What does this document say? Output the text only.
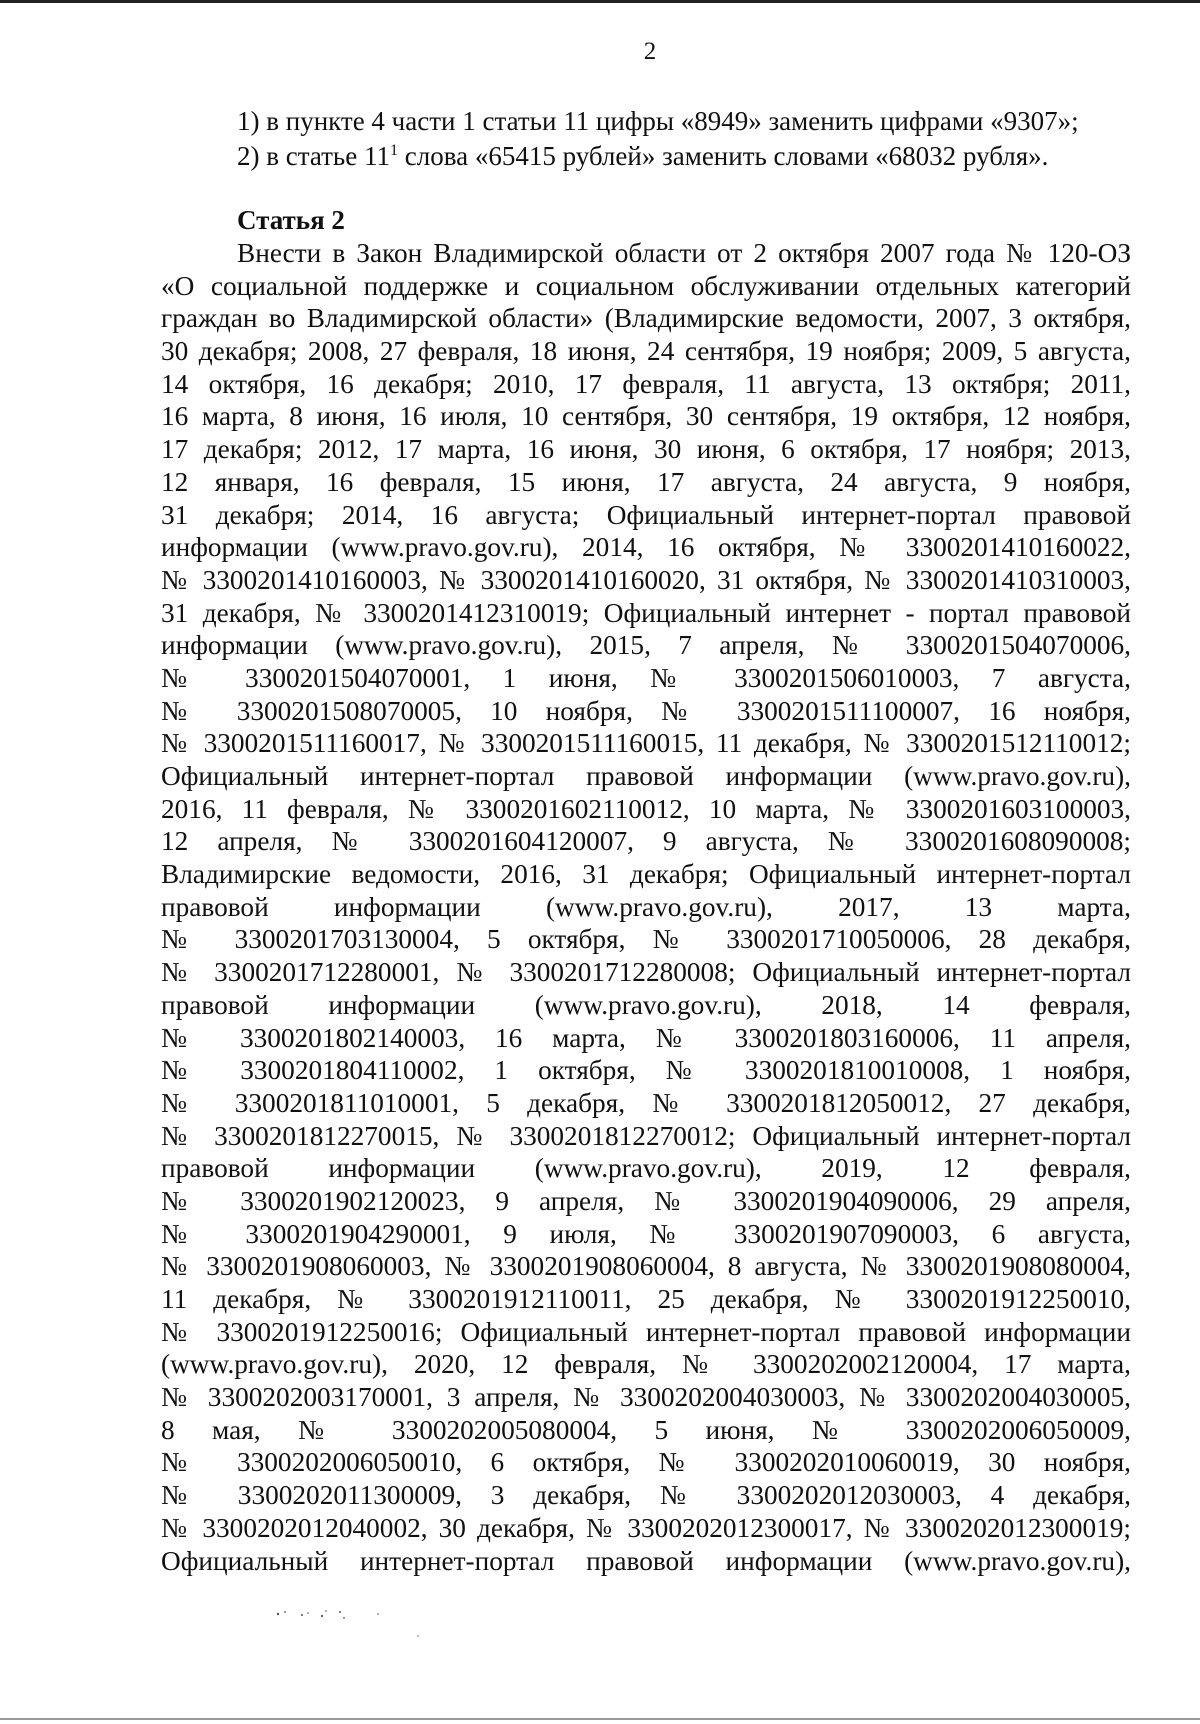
2
1) в пункте 4 части 1 статьи 11 цифры «8949» заменить цифрами «9307»;
2) в статье $11^1$ слова «65415 рублей» заменить словами «68032 рубля».
Статья 2
Внести в Закон Владимирской области от 2 октября 2007 года № 120-ОЗ
«О социальной поддержке и социальном обслуживании отдельных категорий
граждан во Владимирской области» (Владимирские ведомости, 2007, 3 октября,
30 декабря; 2008, 27 февраля, 18 июня, 24 сентября, 19 ноября; 2009, 5 августа,
14 октября, 16 декабря; 2010, 17 февраля, 11 августа, 13 октября; 2011,
16 марта, 8 июня, 16 июля, 10 сентября, 30 сентября, 19 октября, 12 ноября,
17 декабря; 2012, 17 марта, 16 июня, 30 июня, 6 октября, 17 ноября; 2013,
12 января, 16 февраля, 15 июня, 17 августа, 24 августа, 9 ноября,
31 декабря; 2014, 16 августа; Официальный интернет-портал правовой
информации (www.pravo.gov.ru), 2014, 16 октября, № 3300201410160022,
№ 3300201410160003, № 3300201410160020, 31 октября, № 3300201410310003,
31 декабря, № 3300201412310019; Официальный интернет - портал правовой
информации (www.pravo.gov.ru), 2015, 7 апреля, № 3300201504070006,
№ 3300201504070001, 1 июня, № 3300201506010003, 7 августа,
№ 3300201508070005, 10 ноября, № 3300201511100007, 16 ноября,
№ 3300201511160017, № 3300201511160015, 11 декабря, № 3300201512110012;
Официальный интернет-портал правовой информации (www.pravo.gov.ru),
2016, 11 февраля, № 3300201602110012, 10 марта, № 3300201603100003,
12 апреля, № 3300201604120007, 9 августа, № 3300201608090008;
Владимирские ведомости, 2016, 31 декабря; Официальный интернет-портал
правовой информации (www.pravo.gov.ru), 2017, 13 марта,
№ 3300201703130004, 5 октября, № 3300201710050006, 28 декабря,
№ 3300201712280001, № 3300201712280008; Официальный интернет-портал
правовой информации (www.pravo.gov.ru), 2018, 14 февраля,
№ 3300201802140003, 16 марта, № 3300201803160006, 11 апреля,
№ 3300201804110002, 1 октября, № 3300201810010008, 1 ноября,
№ 3300201811010001, 5 декабря, № 3300201812050012, 27 декабря,
№ 3300201812270015, № 3300201812270012; Официальный интернет-портал
правовой информации (www.pravo.gov.ru), 2019, 12 февраля,
№ 3300201902120023, 9 апреля, № 3300201904090006, 29 апреля,
№ 3300201904290001, 9 июля, № 3300201907090003, 6 августа,
№ 3300201908060003, № 3300201908060004, 8 августа, № 3300201908080004,
11 декабря, № 3300201912110011, 25 декабря, № 3300201912250010,
№ 3300201912250016; Официальный интернет-портал правовой информации
(www.pravo.gov.ru), 2020, 12 февраля, № 3300202002120004, 17 марта,
№ 3300202003170001, 3 апреля, № 3300202004030003, № 3300202004030005,
8 мая, № 3300202005080004, 5 июня, № 3300202006050009,
№ 3300202006050010, 6 октября, № 3300202010060019, 30 ноября,
№ 3300202011300009, 3 декабря, № 3300202012030003, 4 декабря,
№ 3300202012040002, 30 декабря, № 3300202012300017, № 3300202012300019;
Официальный интернет-портал правовой информации (www.pravo.gov.ru),
